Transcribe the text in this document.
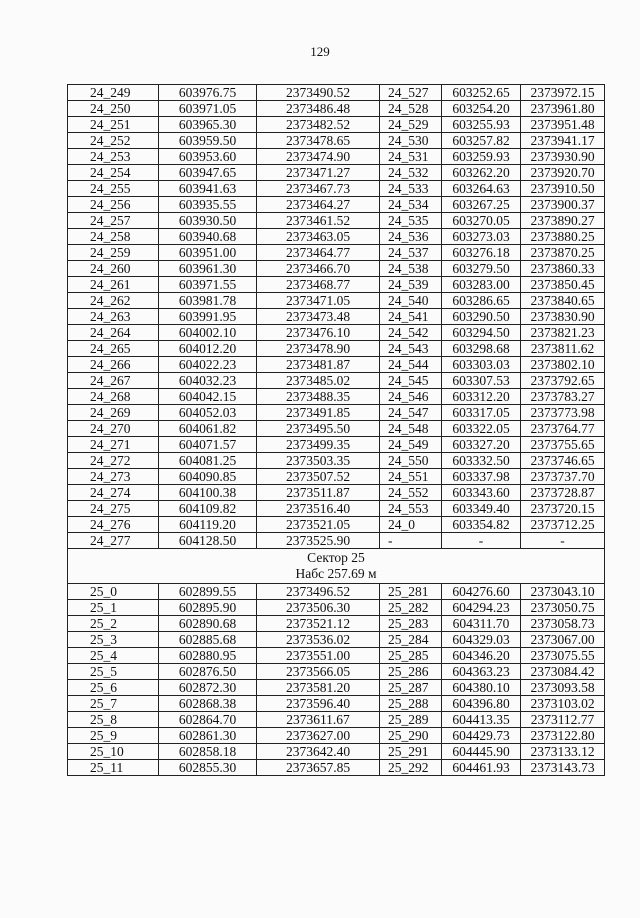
129
24_249	603976.75	2373490.52	24_527	603252.65	2373972.15
24_250	603971.05	2373486.48	24_528	603254.20	2373961.80
24_251	603965.30	2373482.52	24_529	603255.93	2373951.48
24_252	603959.50	2373478.65	24_530	603257.82	2373941.17
24_253	603953.60	2373474.90	24_531	603259.93	2373930.90
24_254	603947.65	2373471.27	24_532	603262.20	2373920.70
24_255	603941.63	2373467.73	24_533	603264.63	2373910.50
24_256	603935.55	2373464.27	24_534	603267.25	2373900.37
24_257	603930.50	2373461.52	24_535	603270.05	2373890.27
24_258	603940.68	2373463.05	24_536	603273.03	2373880.25
24_259	603951.00	2373464.77	24_537	603276.18	2373870.25
24_260	603961.30	2373466.70	24_538	603279.50	2373860.33
24_261	603971.55	2373468.77	24_539	603283.00	2373850.45
24_262	603981.78	2373471.05	24_540	603286.65	2373840.65
24_263	603991.95	2373473.48	24_541	603290.50	2373830.90
24_264	604002.10	2373476.10	24_542	603294.50	2373821.23
24_265	604012.20	2373478.90	24_543	603298.68	2373811.62
24_266	604022.23	2373481.87	24_544	603303.03	2373802.10
24_267	604032.23	2373485.02	24_545	603307.53	2373792.65
24_268	604042.15	2373488.35	24_546	603312.20	2373783.27
24_269	604052.03	2373491.85	24_547	603317.05	2373773.98
24_270	604061.82	2373495.50	24_548	603322.05	2373764.77
24_271	604071.57	2373499.35	24_549	603327.20	2373755.65
24_272	604081.25	2373503.35	24_550	603332.50	2373746.65
24_273	604090.85	2373507.52	24_551	603337.98	2373737.70
24_274	604100.38	2373511.87	24_552	603343.60	2373728.87
24_275	604109.82	2373516.40	24_553	603349.40	2373720.15
24_276	604119.20	2373521.05	24_0	603354.82	2373712.25
24_277	604128.50	2373525.90	-	-	-

Сектор 25
Набс 257.69 м					

25_0	602899.55	2373496.52	25_281	604276.60	2373043.10
25_1	602895.90	2373506.30	25_282	604294.23	2373050.75
25_2	602890.68	2373521.12	25_283	604311.70	2373058.73
25_3	602885.68	2373536.02	25_284	604329.03	2373067.00
25_4	602880.95	2373551.00	25_285	604346.20	2373075.55
25_5	602876.50	2373566.05	25_286	604363.23	2373084.42
25_6	602872.30	2373581.20	25_287	604380.10	2373093.58
25_7	602868.38	2373596.40	25_288	604396.80	2373103.02
25_8	602864.70	2373611.67	25_289	604413.35	2373112.77
25_9	602861.30	2373627.00	25_290	604429.73	2373122.80
25_10	602858.18	2373642.40	25_291	604445.90	2373133.12
25_11	602855.30	2373657.85	25_292	604461.93	2373143.73
